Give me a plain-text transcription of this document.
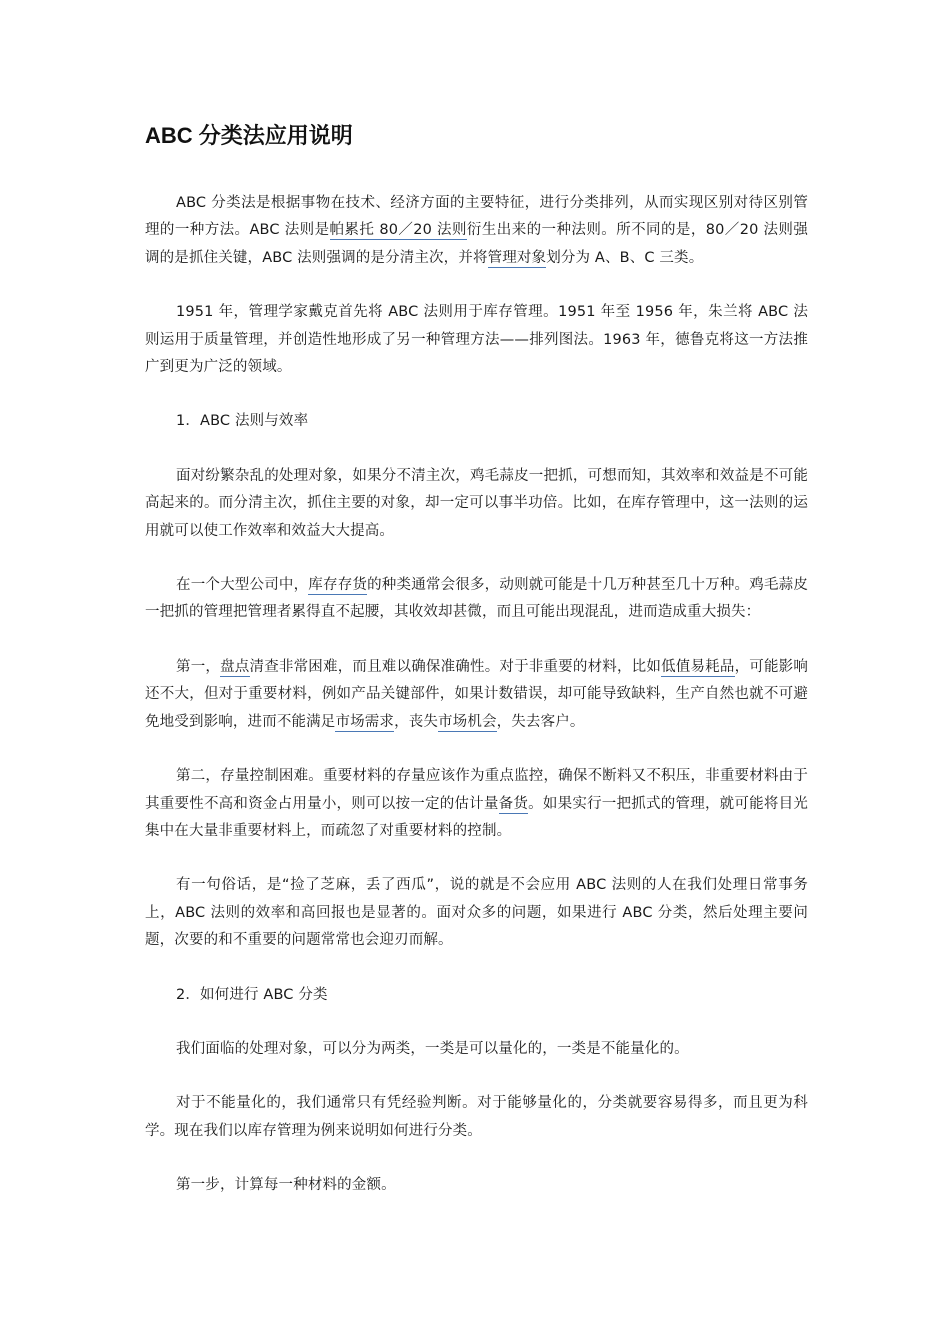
ABC 分类法应用说明

ABC 分类法是根据事物在技术、经济方面的主要特征，进行分类排列，从而实现区别对待区别管理的一种方法。ABC 法则是帕累托 80／20 法则衍生出来的一种法则。所不同的是，80／20 法则强调的是抓住关键，ABC 法则强调的是分清主次，并将管理对象划分为 A、B、C 三类。

1951 年，管理学家戴克首先将 ABC 法则用于库存管理。1951 年至 1956 年，朱兰将 ABC 法则运用于质量管理，并创造性地形成了另一种管理方法——排列图法。1963 年，德鲁克将这一方法推广到更为广泛的领域。

1．ABC 法则与效率

面对纷繁杂乱的处理对象，如果分不清主次，鸡毛蒜皮一把抓，可想而知，其效率和效益是不可能高起来的。而分清主次，抓住主要的对象，却一定可以事半功倍。比如，在库存管理中，这一法则的运用就可以使工作效率和效益大大提高。

在一个大型公司中，库存存货的种类通常会很多，动则就可能是十几万种甚至几十万种。鸡毛蒜皮一把抓的管理把管理者累得直不起腰，其收效却甚微，而且可能出现混乱，进而造成重大损失：

第一，盘点清查非常困难，而且难以确保准确性。对于非重要的材料，比如低值易耗品，可能影响还不大，但对于重要材料，例如产品关键部件，如果计数错误，却可能导致缺料，生产自然也就不可避免地受到影响，进而不能满足市场需求，丧失市场机会，失去客户。

第二，存量控制困难。重要材料的存量应该作为重点监控，确保不断料又不积压，非重要材料由于其重要性不高和资金占用量小，则可以按一定的估计量备货。如果实行一把抓式的管理，就可能将目光集中在大量非重要材料上，而疏忽了对重要材料的控制。

有一句俗话，是“捡了芝麻，丢了西瓜”，说的就是不会应用 ABC 法则的人在我们处理日常事务上，ABC 法则的效率和高回报也是显著的。面对众多的问题，如果进行 ABC 分类，然后处理主要问题，次要的和不重要的问题常常也会迎刃而解。

2．如何进行 ABC 分类

我们面临的处理对象，可以分为两类，一类是可以量化的，一类是不能量化的。

对于不能量化的，我们通常只有凭经验判断。对于能够量化的，分类就要容易得多，而且更为科学。现在我们以库存管理为例来说明如何进行分类。

第一步，计算每一种材料的金额。
